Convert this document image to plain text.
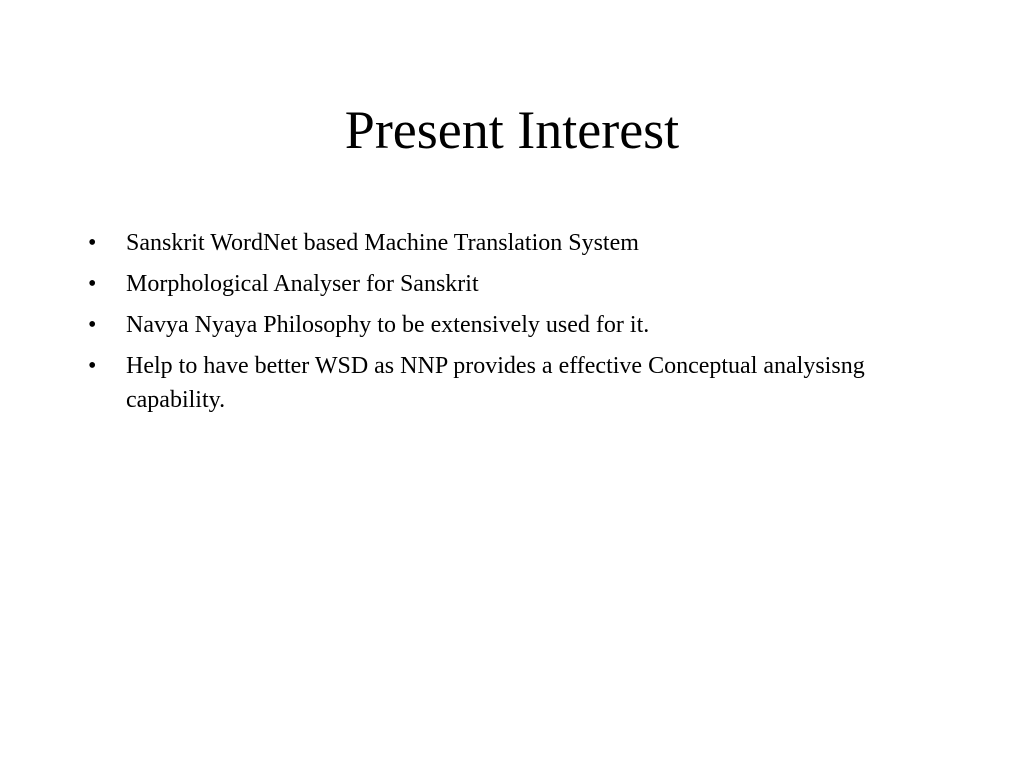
Present Interest
•	Sanskrit WordNet based Machine Translation System
•	Morphological Analyser for Sanskrit
•	Navya Nyaya Philosophy to be extensively used for it.
•	Help to have better WSD as NNP provides a effective Conceptual analysisng capability.
